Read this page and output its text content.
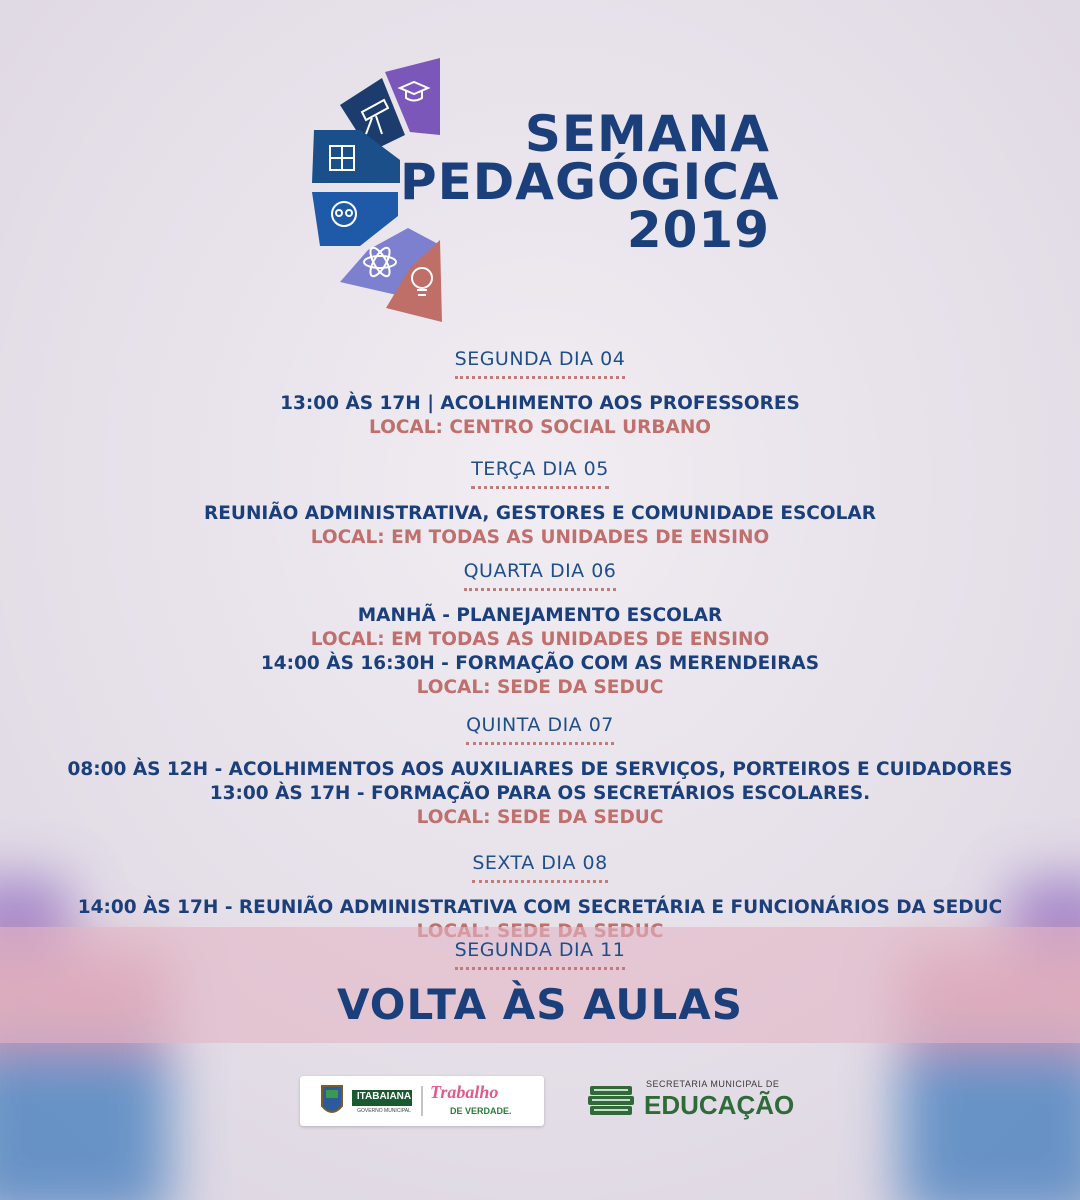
SEMANA
PEDAGÓGICA
2019
SEGUNDA DIA 04
13:00 ÀS 17H | ACOLHIMENTO AOS PROFESSORES
LOCAL: CENTRO SOCIAL URBANO
TERÇA DIA 05
REUNIÃO ADMINISTRATIVA, GESTORES E COMUNIDADE ESCOLAR
LOCAL: EM TODAS AS UNIDADES DE ENSINO
QUARTA DIA 06
MANHÃ - PLANEJAMENTO ESCOLAR
LOCAL: EM TODAS AS UNIDADES DE ENSINO
14:00 ÀS 16:30H - FORMAÇÃO COM AS MERENDEIRAS
LOCAL: SEDE DA SEDUC
QUINTA DIA 07
08:00 ÀS 12H - ACOLHIMENTOS AOS AUXILIARES DE SERVIÇOS, PORTEIROS E CUIDADORES
13:00 ÀS 17H - FORMAÇÃO PARA OS SECRETÁRIOS ESCOLARES.
LOCAL: SEDE DA SEDUC
SEXTA DIA 08
14:00 ÀS 17H - REUNIÃO ADMINISTRATIVA COM SECRETÁRIA E FUNCIONÁRIOS DA SEDUC
SEGUNDA DIA 11
VOLTA ÀS AULAS
ITABAIANA
GOVERNO MUNICIPAL
Trabalho
DE VERDADE.
SECRETARIA MUNICIPAL DE
EDUCAÇÃO
